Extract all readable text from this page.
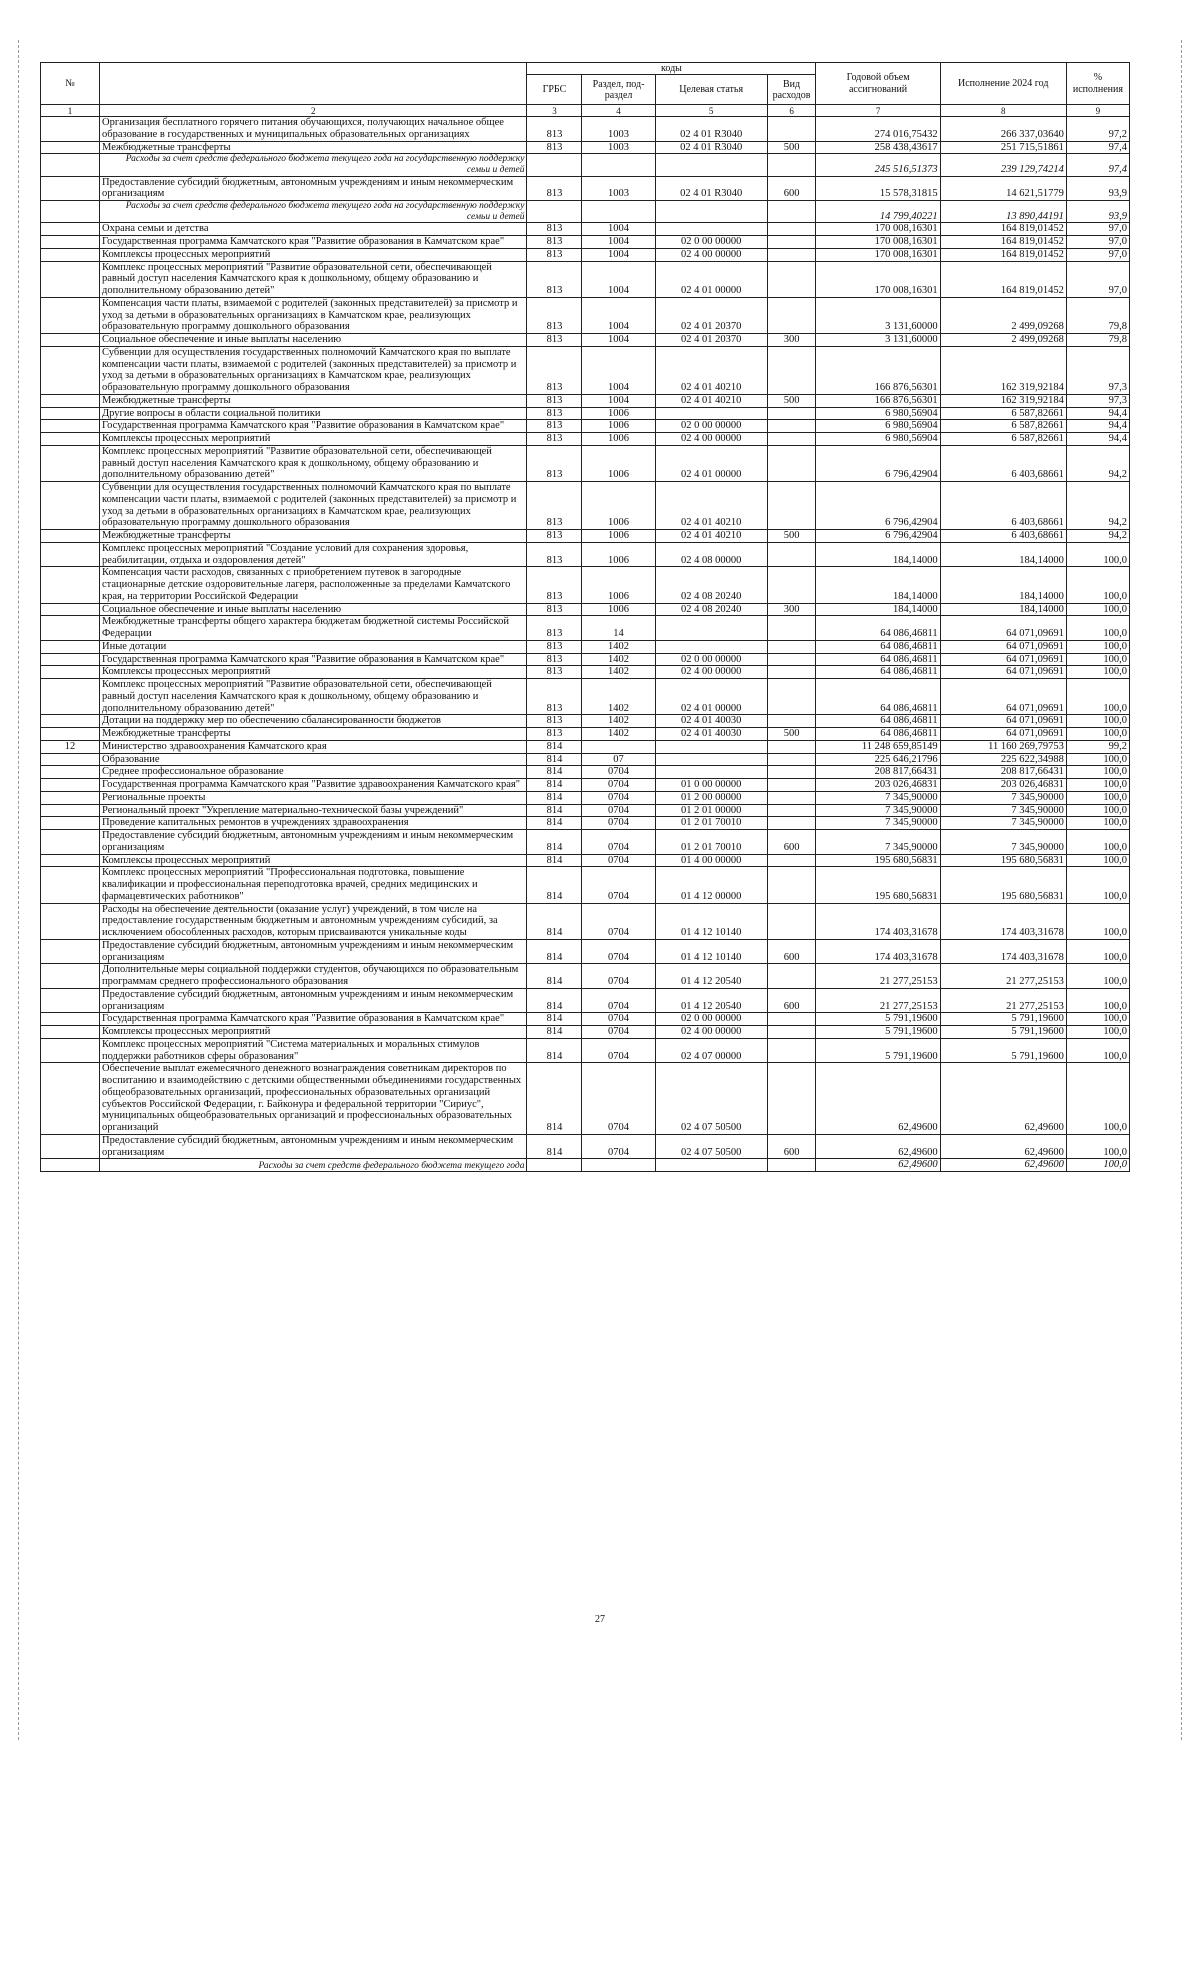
№		коды				Годовой объем ассигнований	Исполнение 2024 год	% исполнения
		ГРБС	Раздел, под-раздел	Целевая статья	Вид расходов			
1	2	3	4	5	6	7	8	9
	Организация бесплатного горячего питания обучающихся, получающих начальное общее образование в государственных и муниципальных образовательных организациях	813	1003	02 4 01 R3040		274 016,75432	266 337,03640	97,2
	Межбюджетные трансферты	813	1003	02 4 01 R3040	500	258 438,43617	251 715,51861	97,4
	Расходы за счет средств федерального бюджета текущего года на государственную поддержку семьи и детей					245 516,51373	239 129,74214	97,4
	Предоставление субсидий бюджетным, автономным учреждениям и иным некоммерческим организациям	813	1003	02 4 01 R3040	600	15 578,31815	14 621,51779	93,9
	Расходы за счет средств федерального бюджета текущего года на государственную поддержку семьи и детей					14 799,40221	13 890,44191	93,9
	Охрана семьи и детства	813	1004			170 008,16301	164 819,01452	97,0
	Государственная программа Камчатского края "Развитие образования в Камчатском крае"	813	1004	02 0 00 00000		170 008,16301	164 819,01452	97,0
	Комплексы процессных мероприятий	813	1004	02 4 00 00000		170 008,16301	164 819,01452	97,0
	Комплекс процессных мероприятий "Развитие образовательной сети, обеспечивающей равный доступ населения Камчатского края к дошкольному, общему образованию и дополнительному образованию детей"	813	1004	02 4 01 00000		170 008,16301	164 819,01452	97,0
	Компенсация части платы, взимаемой с родителей (законных представителей) за присмотр и уход за детьми в образовательных организациях в Камчатском крае, реализующих образовательную программу дошкольного образования	813	1004	02 4 01 20370		3 131,60000	2 499,09268	79,8
	Социальное обеспечение и иные выплаты населению	813	1004	02 4 01 20370	300	3 131,60000	2 499,09268	79,8
	Субвенции для осуществления государственных полномочий Камчатского края по выплате компенсации части платы, взимаемой с родителей (законных представителей) за присмотр и уход за детьми в образовательных организациях в Камчатском крае, реализующих образовательную программу дошкольного образования	813	1004	02 4 01 40210		166 876,56301	162 319,92184	97,3
	Межбюджетные трансферты	813	1004	02 4 01 40210	500	166 876,56301	162 319,92184	97,3
	Другие вопросы в области социальной политики	813	1006			6 980,56904	6 587,82661	94,4
	Государственная программа Камчатского края "Развитие образования в Камчатском крае"	813	1006	02 0 00 00000		6 980,56904	6 587,82661	94,4
	Комплексы процессных мероприятий	813	1006	02 4 00 00000		6 980,56904	6 587,82661	94,4
	Комплекс процессных мероприятий "Развитие образовательной сети, обеспечивающей равный доступ населения Камчатского края к дошкольному, общему образованию и дополнительному образованию детей"	813	1006	02 4 01 00000		6 796,42904	6 403,68661	94,2
	Субвенции для осуществления государственных полномочий Камчатского края по выплате компенсации части платы, взимаемой с родителей (законных представителей) за присмотр и уход за детьми в образовательных организациях в Камчатском крае, реализующих образовательную программу дошкольного образования	813	1006	02 4 01 40210		6 796,42904	6 403,68661	94,2
	Межбюджетные трансферты	813	1006	02 4 01 40210	500	6 796,42904	6 403,68661	94,2
	Комплекс процессных мероприятий "Создание условий для сохранения здоровья, реабилитации, отдыха и оздоровления детей"	813	1006	02 4 08 00000		184,14000	184,14000	100,0
	Компенсация части расходов, связанных с приобретением путевок в загородные стационарные детские оздоровительные лагеря, расположенные за пределами Камчатского края, на территории Российской Федерации	813	1006	02 4 08 20240		184,14000	184,14000	100,0
	Социальное обеспечение и иные выплаты населению	813	1006	02 4 08 20240	300	184,14000	184,14000	100,0
	Межбюджетные трансферты общего характера бюджетам бюджетной системы Российской Федерации	813	14			64 086,46811	64 071,09691	100,0
	Иные дотации	813	1402			64 086,46811	64 071,09691	100,0
	Государственная программа Камчатского края "Развитие образования в Камчатском крае"	813	1402	02 0 00 00000		64 086,46811	64 071,09691	100,0
	Комплексы процессных мероприятий	813	1402	02 4 00 00000		64 086,46811	64 071,09691	100,0
	Комплекс процессных мероприятий "Развитие образовательной сети, обеспечивающей равный доступ населения Камчатского края к дошкольному, общему образованию и дополнительному образованию детей"	813	1402	02 4 01 00000		64 086,46811	64 071,09691	100,0
	Дотации на поддержку мер по обеспечению сбалансированности бюджетов	813	1402	02 4 01 40030		64 086,46811	64 071,09691	100,0
	Межбюджетные трансферты	813	1402	02 4 01 40030	500	64 086,46811	64 071,09691	100,0
12	Министерство здравоохранения Камчатского края	814				11 248 659,85149	11 160 269,79753	99,2
	Образование	814	07			225 646,21796	225 622,34988	100,0
	Среднее профессиональное образование	814	0704			208 817,66431	208 817,66431	100,0
	Государственная программа Камчатского края "Развитие здравоохранения Камчатского края"	814	0704	01 0 00 00000		203 026,46831	203 026,46831	100,0
	Региональные проекты	814	0704	01 2 00 00000		7 345,90000	7 345,90000	100,0
	Региональный проект "Укрепление материально-технической базы учреждений"	814	0704	01 2 01 00000		7 345,90000	7 345,90000	100,0
	Проведение капитальных ремонтов в учреждениях здравоохранения	814	0704	01 2 01 70010		7 345,90000	7 345,90000	100,0
	Предоставление субсидий бюджетным, автономным учреждениям и иным некоммерческим организациям	814	0704	01 2 01 70010	600	7 345,90000	7 345,90000	100,0
	Комплексы процессных мероприятий	814	0704	01 4 00 00000		195 680,56831	195 680,56831	100,0
	Комплекс процессных мероприятий "Профессиональная подготовка, повышение квалификации и профессиональная переподготовка врачей, средних медицинских и фармацевтических работников"	814	0704	01 4 12 00000		195 680,56831	195 680,56831	100,0
	Расходы на обеспечение деятельности (оказание услуг) учреждений, в том числе на предоставление государственным бюджетным и автономным учреждениям субсидий, за исключением обособленных расходов, которым присваиваются уникальные коды	814	0704	01 4 12 10140		174 403,31678	174 403,31678	100,0
	Предоставление субсидий бюджетным, автономным учреждениям и иным некоммерческим организациям	814	0704	01 4 12 10140	600	174 403,31678	174 403,31678	100,0
	Дополнительные меры социальной поддержки студентов, обучающихся по образовательным программам среднего профессионального образования	814	0704	01 4 12 20540		21 277,25153	21 277,25153	100,0
	Предоставление субсидий бюджетным, автономным учреждениям и иным некоммерческим организациям	814	0704	01 4 12 20540	600	21 277,25153	21 277,25153	100,0
	Государственная программа Камчатского края "Развитие образования в Камчатском крае"	814	0704	02 0 00 00000		5 791,19600	5 791,19600	100,0
	Комплексы процессных мероприятий	814	0704	02 4 00 00000		5 791,19600	5 791,19600	100,0
	Комплекс процессных мероприятий "Система материальных и моральных стимулов поддержки работников сферы образования"	814	0704	02 4 07 00000		5 791,19600	5 791,19600	100,0
	Обеспечение выплат ежемесячного денежного вознаграждения советникам директоров по воспитанию и взаимодействию с детскими общественными объединениями государственных общеобразовательных организаций, профессиональных образовательных организаций субъектов Российской Федерации, г. Байконура и федеральной территории "Сириус", муниципальных общеобразовательных организаций и профессиональных образовательных организаций	814	0704	02 4 07 50500		62,49600	62,49600	100,0
	Предоставление субсидий бюджетным, автономным учреждениям и иным некоммерческим организациям	814	0704	02 4 07 50500	600	62,49600	62,49600	100,0
	Расходы за счет средств федерального бюджета текущего года					62,49600	62,49600	100,0
27
